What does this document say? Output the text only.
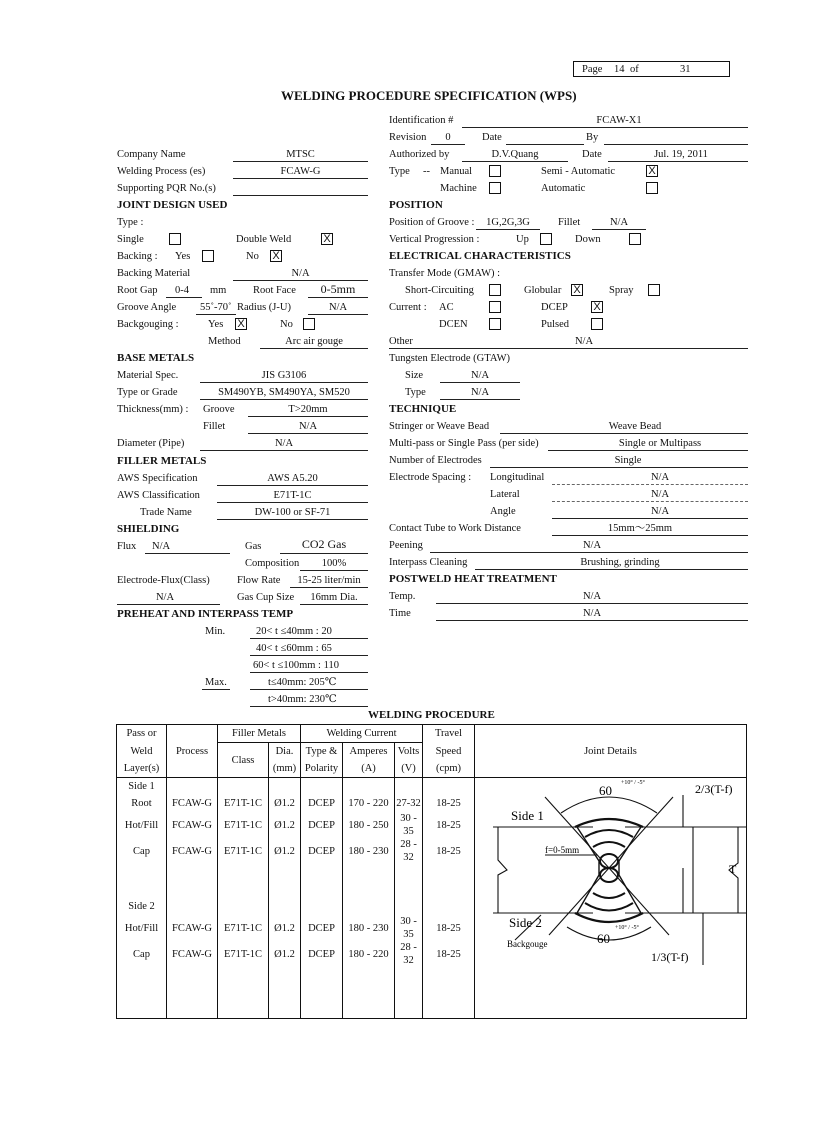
Page 14 of	31
WELDING PROCEDURE SPECIFICATION (WPS)
Company Name	MTSC
Welding Process (es)	FCAW-G
Supporting PQR No.(s)
JOINT DESIGN USED
Type :
Single	Double Weld	X
Backing : Yes	No X
Backing Material	N/A
Root Gap 0-4 mm	Root Face	0-5mm
Groove Angle 55˚-70˚ Radius (J-U)	N/A
Backgouging :	Yes X	No
Method	Arc air gouge
BASE METALS
Material Spec.	JIS G3106
Type or Grade	SM490YB, SM490YA, SM520
Thickness(mm) : Groove	T>20mm
Fillet	N/A
Diameter (Pipe)	N/A
FILLER METALS
AWS Specification	AWS A5.20
AWS Classification	E71T-1C
Trade Name	DW-100 or SF-71
SHIELDING
Flux N/A	Gas	CO2 Gas
Composition	100%
Electrode-Flux(Class)	Flow Rate	15-25 liter/min
N/A	Gas Cup Size	16mm Dia.
PREHEAT AND INTERPASS TEMP
Min.	20< t ≤40mm : 20
40< t ≤60mm : 65
60< t ≤100mm : 110
Max.	t≤40mm: 205℃
t>40mm: 230℃
Identification #	FCAW-X1
Revision	0	Date	By
Authorized by	D.V.Quang	Date	Jul. 19, 2011
Type -- Manual	Semi - Automatic	X
Machine	Automatic
POSITION
Position of Groove :	1G,2G,3G	Fillet	N/A
Vertical Progression :	Up	Down
ELECTRICAL CHARACTERISTICS
Transfer Mode (GMAW) :
Short-Circuiting	Globular X	Spray
Current : AC	DCEP X
DCEN	Pulsed
Other	N/A
Tungsten Electrode (GTAW)
Size	N/A
Type	N/A
TECHNIQUE
Stringer or Weave Bead	Weave Bead
Multi-pass or Single Pass (per side)	Single or Multipass
Number of Electrodes	Single
Electrode Spacing : Longitudinal	N/A
Lateral	N/A
Angle	N/A
Contact Tube to Work Distance	15mm～25mm
Peening	N/A
Interpass Cleaning	Brushing, grinding
POSTWELD HEAT TREATMENT
Temp.	N/A
Time	N/A
WELDING PROCEDURE
Pass or		Filler Metals		Welding Current			Travel	
Weld	Process	Class	Dia.	Type &	Amperes	Volts	Speed	Joint Details
Layer(s)			(mm)	Polarity	(A)	(V)	(cpm)	
Side 1								
Root	FCAW-G	E71T-1C	Ø1.2	DCEP	170 - 220	27-32	18-25	
Hot/Fill	FCAW-G	E71T-1C	Ø1.2	DCEP	180 - 250	30 - 35	18-25	
Cap	FCAW-G	E71T-1C	Ø1.2	DCEP	180 - 230	28 - 32	18-25	

Side 2								
Hot/Fill	FCAW-G	E71T-1C	Ø1.2	DCEP	180 - 230	30 - 35	18-25	
Cap	FCAW-G	E71T-1C	Ø1.2	DCEP	180 - 220	28 - 32	18-25	

60 +10° / -5°	2/3(T-f)
Side 1
f=0-5mm
T
Side 2
60
+10° / -5°
Backgouge
1/3(T-f)
